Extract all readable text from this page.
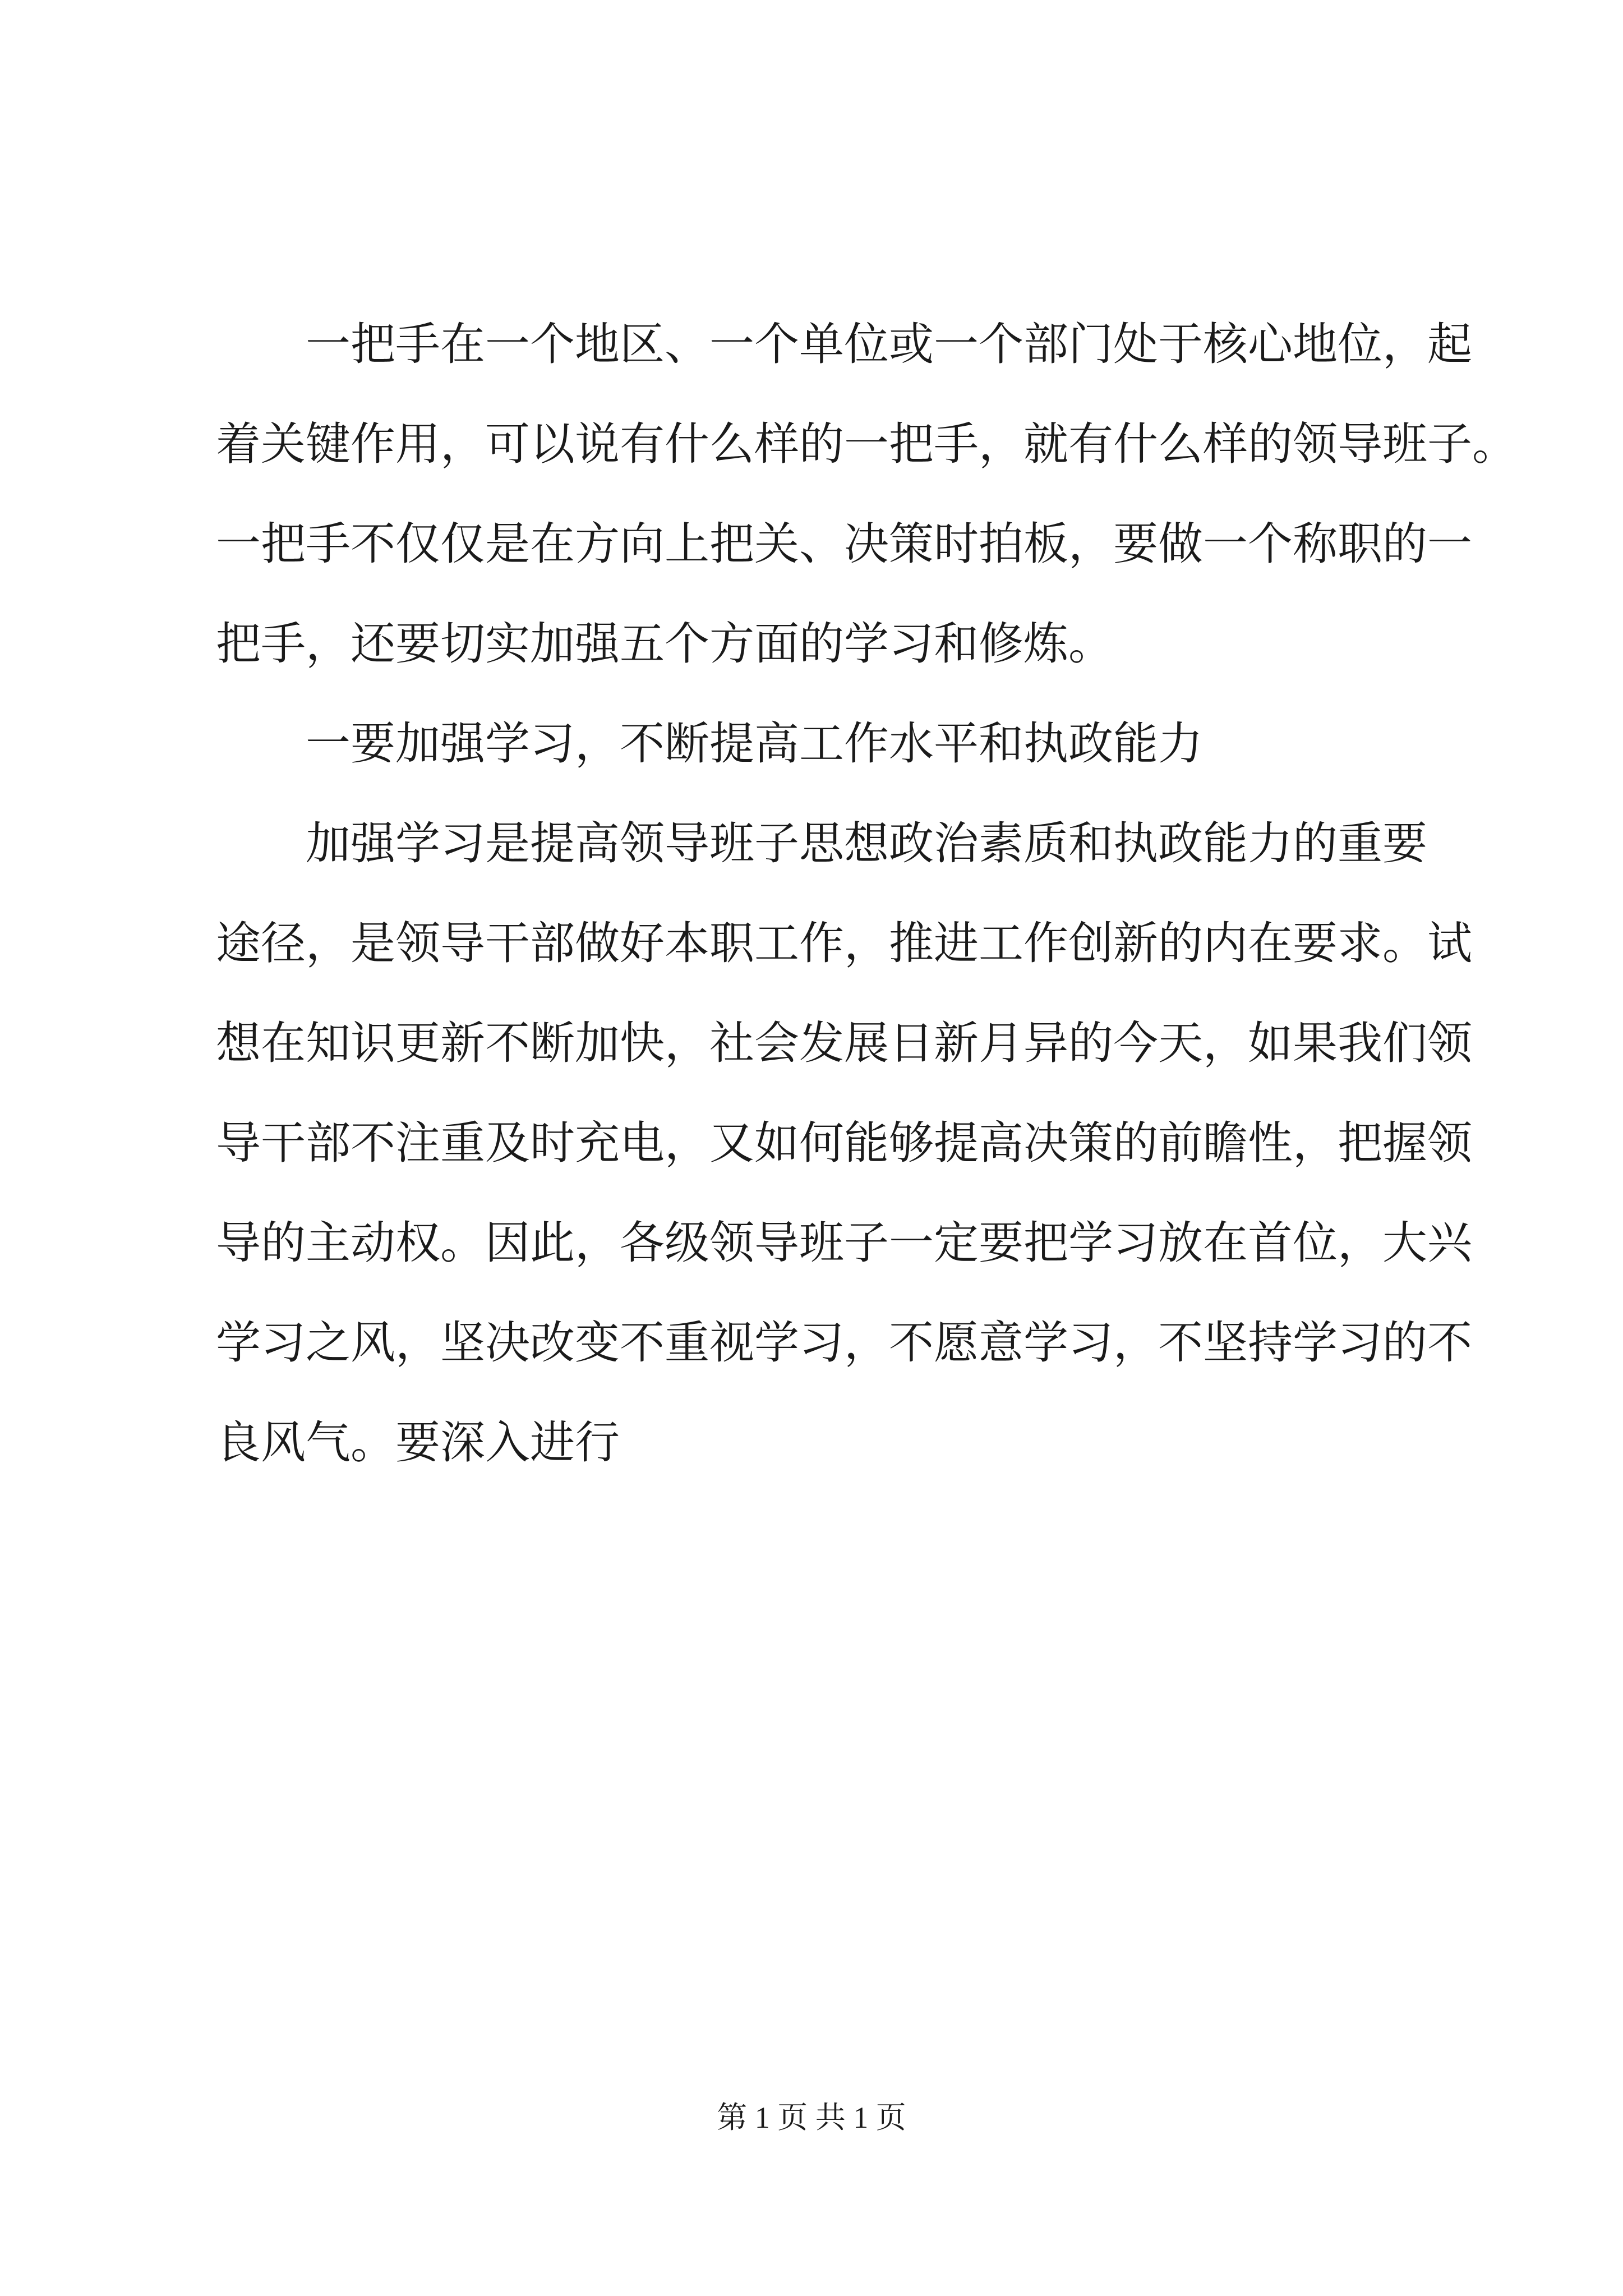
一把手在一个地区、一个单位或一个部门处于核心地位，起
着关键作用，可以说有什么样的一把手，就有什么样的领导班子。
一把手不仅仅是在方向上把关、决策时拍板，要做一个称职的一
把手，还要切实加强五个方面的学习和修炼。
一要加强学习，不断提高工作水平和执政能力
加强学习是提高领导班子思想政治素质和执政能力的重要
途径，是领导干部做好本职工作，推进工作创新的内在要求。试
想在知识更新不断加快，社会发展日新月异的今天，如果我们领
导干部不注重及时充电，又如何能够提高决策的前瞻性，把握领
导的主动权。因此，各级领导班子一定要把学习放在首位，大兴
学习之风，坚决改变不重视学习，不愿意学习，不坚持学习的不
良风气。要深入进行
第 1 页 共 1 页
